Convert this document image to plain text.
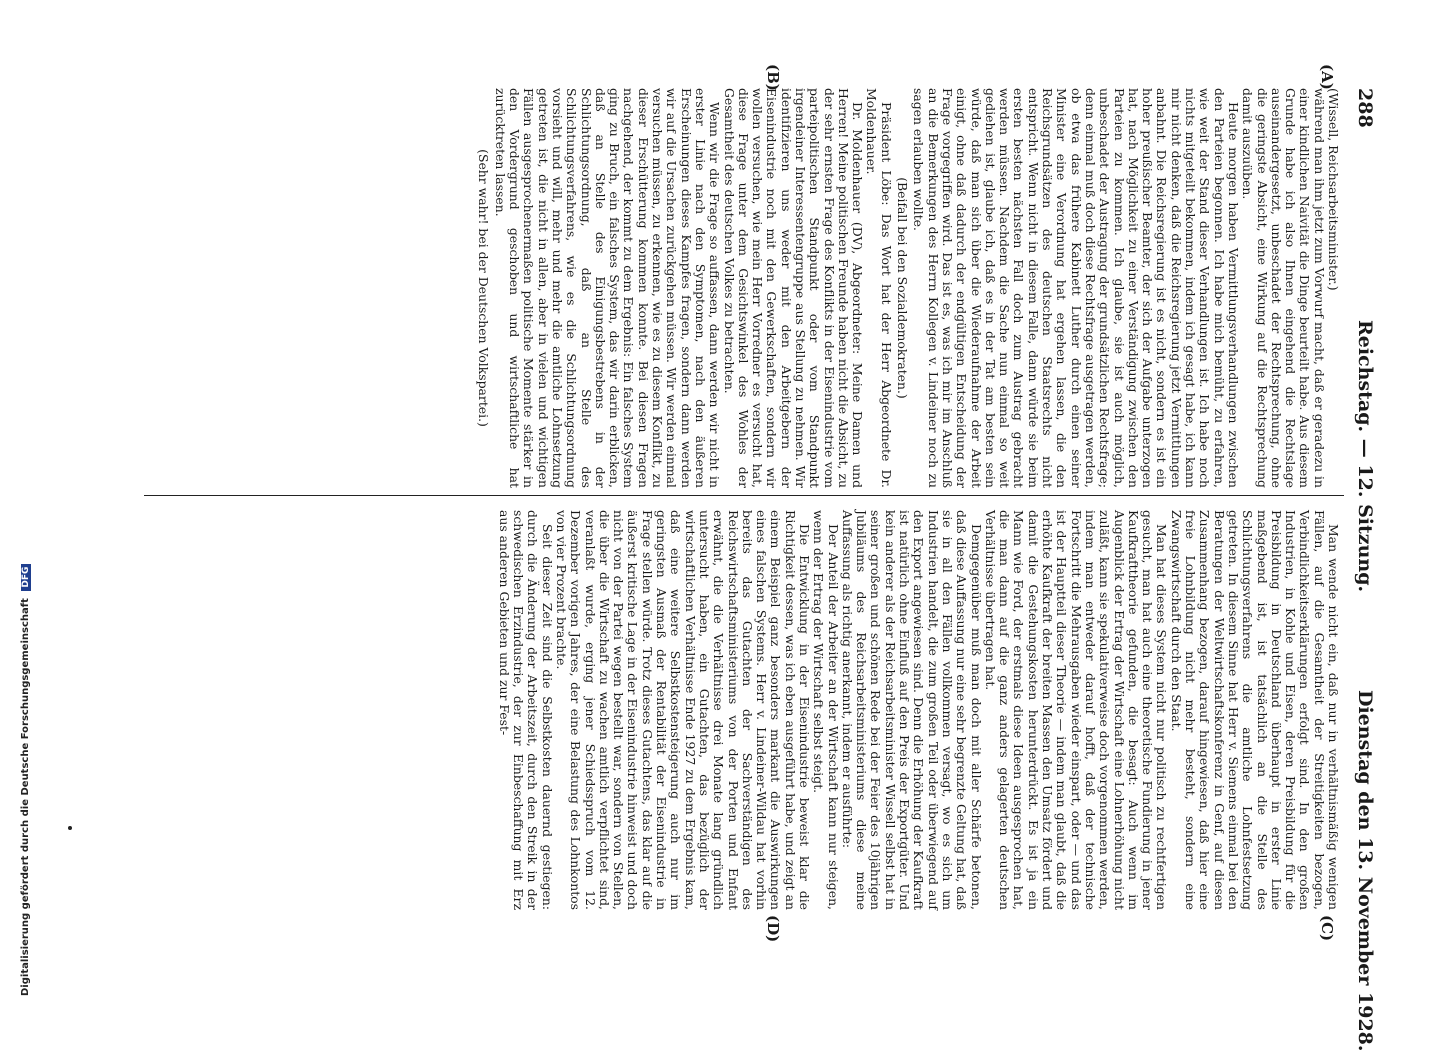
288
Reichstag. — 12. Sitzung.
Dienstag den 13. November 1928.
(A)
(B)
(C)
(D)

(Wissell, Reichsarbeitsminister.)

während man ihm jetzt zum Vorwurf macht, daß er geradezu in einer kindlichen Naivität die Dinge beurteilt habe. Aus diesem Grunde habe ich also Ihnen eingehend die Rechtslage auseinandergesetzt, unbeschadet der Rechtsprechung, ohne die geringste Absicht, eine Wirkung auf die Rechtsprechung damit auszuüben.

Heute morgen haben Vermittlungsverhandlungen zwischen den Parteien begonnen. Ich habe mich bemüht, zu erfahren, wie weit der Stand dieser Verhandlungen ist. Ich habe noch nichts mitgeteilt bekommen, indem ich gesagt habe, ich kann mir nicht denken, daß die Reichsregierung jetzt Vermittlungen anbahnt. Die Reichsregierung ist es nicht, sondern es ist ein hoher preußischer Beamter, der sich der Aufgabe unterzogen hat, nach Möglichkeit zu einer Verständigung zwischen den Parteien zu kommen. Ich glaube, sie ist auch möglich, unbeschadet der Austragung der grundsätzlichen Rechtsfrage; denn einmal muß doch diese Rechtsfrage ausgetragen werden, ob etwa das frühere Kabinett Luther durch einen seiner Minister eine Verordnung hat ergehen lassen, die den Reichsgrundsätzen des deutschen Staatsrechts nicht entspricht. Wenn nicht in diesem Falle, dann würde sie beim ersten besten nächsten Fall doch zum Austrag gebracht werden müssen. Nachdem die Sache nun einmal so weit gediehen ist, glaube ich, daß es in der Tat am besten sein würde, daß man sich über die Wiederaufnahme der Arbeit einigt, ohne daß dadurch der endgültigen Entscheidung der Frage vorgegriffen wird. Das ist es, was ich mir im Anschluß an die Bemerkungen des Herrn Kollegen v. Lindeiner noch zu sagen erlauben wollte.

(Beifall bei den Sozialdemokraten.)

Präsident Löbe: Das Wort hat der Herr Abgeordnete Dr. Moldenhauer.

Dr. Moldenhauer (DV), Abgeordneter: Meine Damen und Herren! Meine politischen Freunde haben nicht die Absicht, zu der sehr ernsten Frage des Konflikts in der Eisenindustrie vom parteipolitischen Standpunkt oder vom Standpunkt irgendeiner Interessentengruppe aus Stellung zu nehmen. Wir identifizieren uns weder mit den Arbeitgebern der Eisenindustrie noch mit den Gewerkschaften, sondern wir wollen versuchen, wie mein Herr Vorredner es versucht hat, diese Frage unter dem Gesichtswinkel des Wohles der Gesamtheit des deutschen Volkes zu betrachten.

Wenn wir die Frage so auffassen, dann werden wir nicht in erster Linie nach den Symptomen, nach den äußeren Erscheinungen dieses Kampfes fragen, sondern dann werden wir auf die Ursachen zurückgehen müssen. Wir werden einmal versuchen müssen, zu erkennen, wie es zu diesem Konflikt, zu dieser Erschütterung kommen konnte. Bei diesen Fragen nachgehend, der kommt zu dem Ergebnis: Ein falsches System ging zu Bruch, ein falsches System, das wir darin erblicken, daß an Stelle des Einigungsbestrebens in der Schlichtungsordnung, daß an Stelle des Schlichtungsverfahrens, wie es die Schlichtungsordnung vorsieht und will, mehr und mehr die amtliche Lohnsetzung getreten ist, die nicht in allen, aber in vielen und wichtigen Fällen ausgesprochenermaßen politische Momente stärker in den Vordergrund geschoben und wirtschaftliche hat zurücktreten lassen.

(Sehr wahr! bei der Deutschen Volkspartei.)

Man wende nicht ein, daß nur in verhältnismäßig wenigen Fällen, auf die Gesamtheit der Streitigkeiten bezogen, Verbindlichkeitserklärungen erfolgt sind. In den großen Industrien, in Kohle und Eisen, deren Preisbildung für die Preisbildung in Deutschland überhaupt in erster Linie maßgebend ist, ist tatsächlich an die Stelle des Schlichtungsverfahrens die amtliche Lohnfestsetzung getreten. In diesem Sinne hat Herr v. Siemens einmal bei den Beratungen der Weltwirtschaftskonferenz in Genf, auf diesen Zusammenhang bezogen, darauf hingewiesen, daß hier eine freie Lohnbildung nicht mehr besteht, sondern eine Zwangswirtschaft durch den Staat.

Man hat dieses System nicht nur politisch zu rechtfertigen gesucht, man hat auch eine theoretische Fundierung in jener Kaufkrafttheorie gefunden, die besagt: Auch wenn im Augenblick der Ertrag der Wirtschaft eine Lohnerhöhung nicht zuläßt, kann sie spekulativerweise doch vorgenommen werden, indem man entweder darauf hofft, daß der technische Fortschritt die Mehrausgaben wieder einspart, oder — und das ist der Hauptteil dieser Theorie — indem man glaubt, daß die erhöhte Kaufkraft der breiten Massen den Umsatz fördert und damit die Gestehungskosten herunterdrückt. Es ist ja ein Mann wie Ford, der erstmals diese Ideen ausgesprochen hat, die man dann auf die ganz anders gelagerten deutschen Verhältnisse übertragen hat.

Demgegenüber muß man doch mit aller Schärfe betonen, daß diese Auffassung nur eine sehr begrenzte Geltung hat, daß sie in all den Fällen vollkommen versagt, wo es sich um Industrien handelt, die zum großen Teil oder überwiegend auf den Export angewiesen sind. Denn die Erhöhung der Kaufkraft ist natürlich ohne Einfluß auf den Preis der Exportgüter. Und kein anderer als der Reichsarbeitsminister Wissell selbst hat in seiner großen und schönen Rede bei der Feier des 10jährigen Jubiläums des Reichsarbeitsministeriums diese meine Auffassung als richtig anerkannt, indem er ausführte:

Der Anteil der Arbeiter an der Wirtschaft kann nur steigen, wenn der Ertrag der Wirtschaft selbst steigt.

Die Entwicklung in der Eisenindustrie beweist klar die Richtigkeit dessen, was ich eben ausgeführt habe, und zeigt an einem Beispiel ganz besonders markant die Auswirkungen eines falschen Systems. Herr v. Lindeiner-Wildau hat vorhin bereits das Gutachten der Sachverständigen des Reichswirtschaftsministeriums von der Porten und Enfant erwähnt, die die Verhältnisse drei Monate lang gründlich untersucht haben, ein Gutachten, das bezüglich der wirtschaftlichen Verhältnisse Ende 1927 zu dem Ergebnis kam, daß eine weitere Selbstkostensteigerung auch nur im geringsten Ausmaß der Rentabilität der Eisenindustrie in Frage stellen würde. Trotz dieses Gutachtens, das klar auf die äußerst kritische Lage in der Eisenindustrie hinweist und doch nicht von der Partei wegen bestellt war, sondern von Stellen, die über die Wirtschaft zu wachen amtlich verpflichtet sind, veranlaßt wurde, erging jener Schiedsspruch vom 12. Dezember vorigen Jahres, der eine Belastung des Lohnkontos von vier Prozent brachte.

Seit dieser Zeit sind die Selbstkosten dauernd gestiegen: durch die Änderung der Arbeitszeit, durch den Streik in der schwedischen Erzindustrie, der zur Einbeschaffung mit Erz aus anderen Gebieten und zur Fest-

Digitalisierung gefördert durch die Deutsche Forschungsgemeinschaft DFG
